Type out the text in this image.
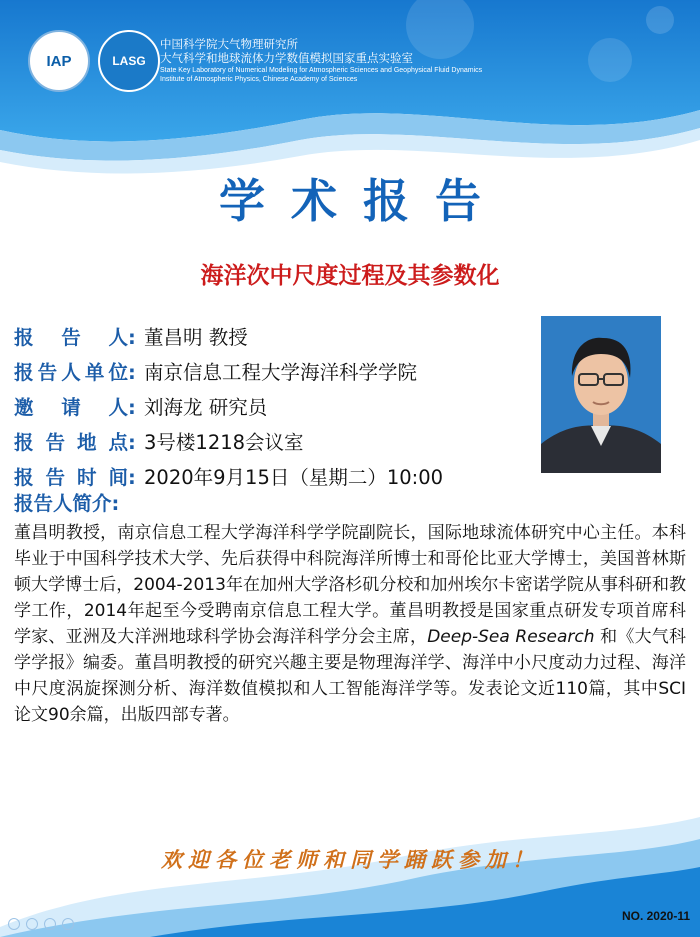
IAP	LASG
中国科学院大气物理研究所
大气科学和地球流体力学数值模拟国家重点实验室
State Key Laboratory of Numerical Modeling for Atmospheric Sciences and Geophysical Fluid Dynamics
Institute of Atmospheric Physics, Chinese Academy of Sciences
学术报告
海洋次中尺度过程及其参数化
报告人: 董昌明 教授
报告人单位: 南京信息工程大学海洋科学学院
邀请人: 刘海龙 研究员
报告地点: 3号楼1218会议室
报告时间: 2020年9月15日（星期二）10:00
报告人简介:
董昌明教授，南京信息工程大学海洋科学学院副院长，国际地球流体研究中心主任。本科毕业于中国科学技术大学、先后获得中科院海洋所博士和哥伦比亚大学博士，美国普林斯顿大学博士后，2004-2013年在加州大学洛杉矶分校和加州埃尔卡密诺学院从事科研和教学工作，2014年起至今受聘南京信息工程大学。董昌明教授是国家重点研发专项首席科学家、亚洲及大洋洲地球科学协会海洋科学分会主席，Deep-Sea Research 和《大气科学学报》编委。董昌明教授的研究兴趣主要是物理海洋学、海洋中小尺度动力过程、海洋中尺度涡旋探测分析、海洋数值模拟和人工智能海洋学等。发表论文近110篇，其中SCI论文90余篇，出版四部专著。
欢迎各位老师和同学踊跃参加！
NO. 2020-11
